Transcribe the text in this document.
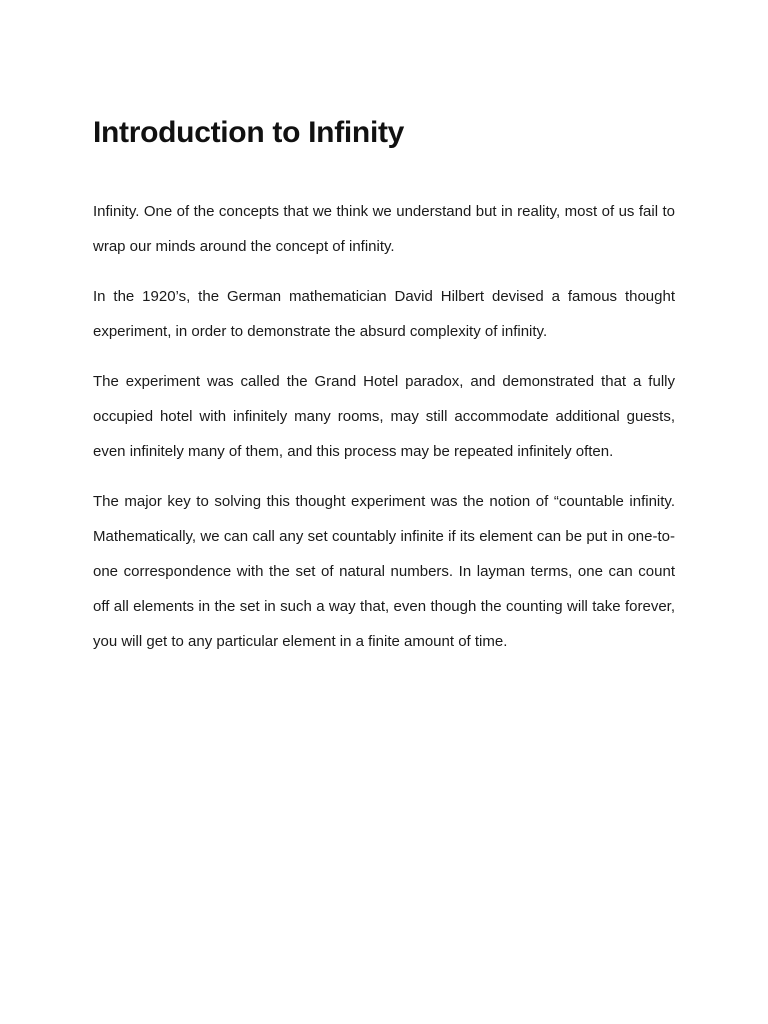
Introduction to Infinity

Infinity. One of the concepts that we think we understand but in reality, most of us fail to wrap our minds around the concept of infinity.

In the 1920’s, the German mathematician David Hilbert devised a famous thought experiment, in order to demonstrate the absurd complexity of infinity.

The experiment was called the Grand Hotel paradox, and demonstrated that a fully occupied hotel with infinitely many rooms, may still accommodate additional guests, even infinitely many of them, and this process may be repeated infinitely often.

The major key to solving this thought experiment was the notion of “countable infinity. Mathematically, we can call any set countably infinite if its element can be put in one-to-one correspondence with the set of natural numbers. In layman terms, one can count off all elements in the set in such a way that, even though the counting will take forever, you will get to any particular element in a finite amount of time.
